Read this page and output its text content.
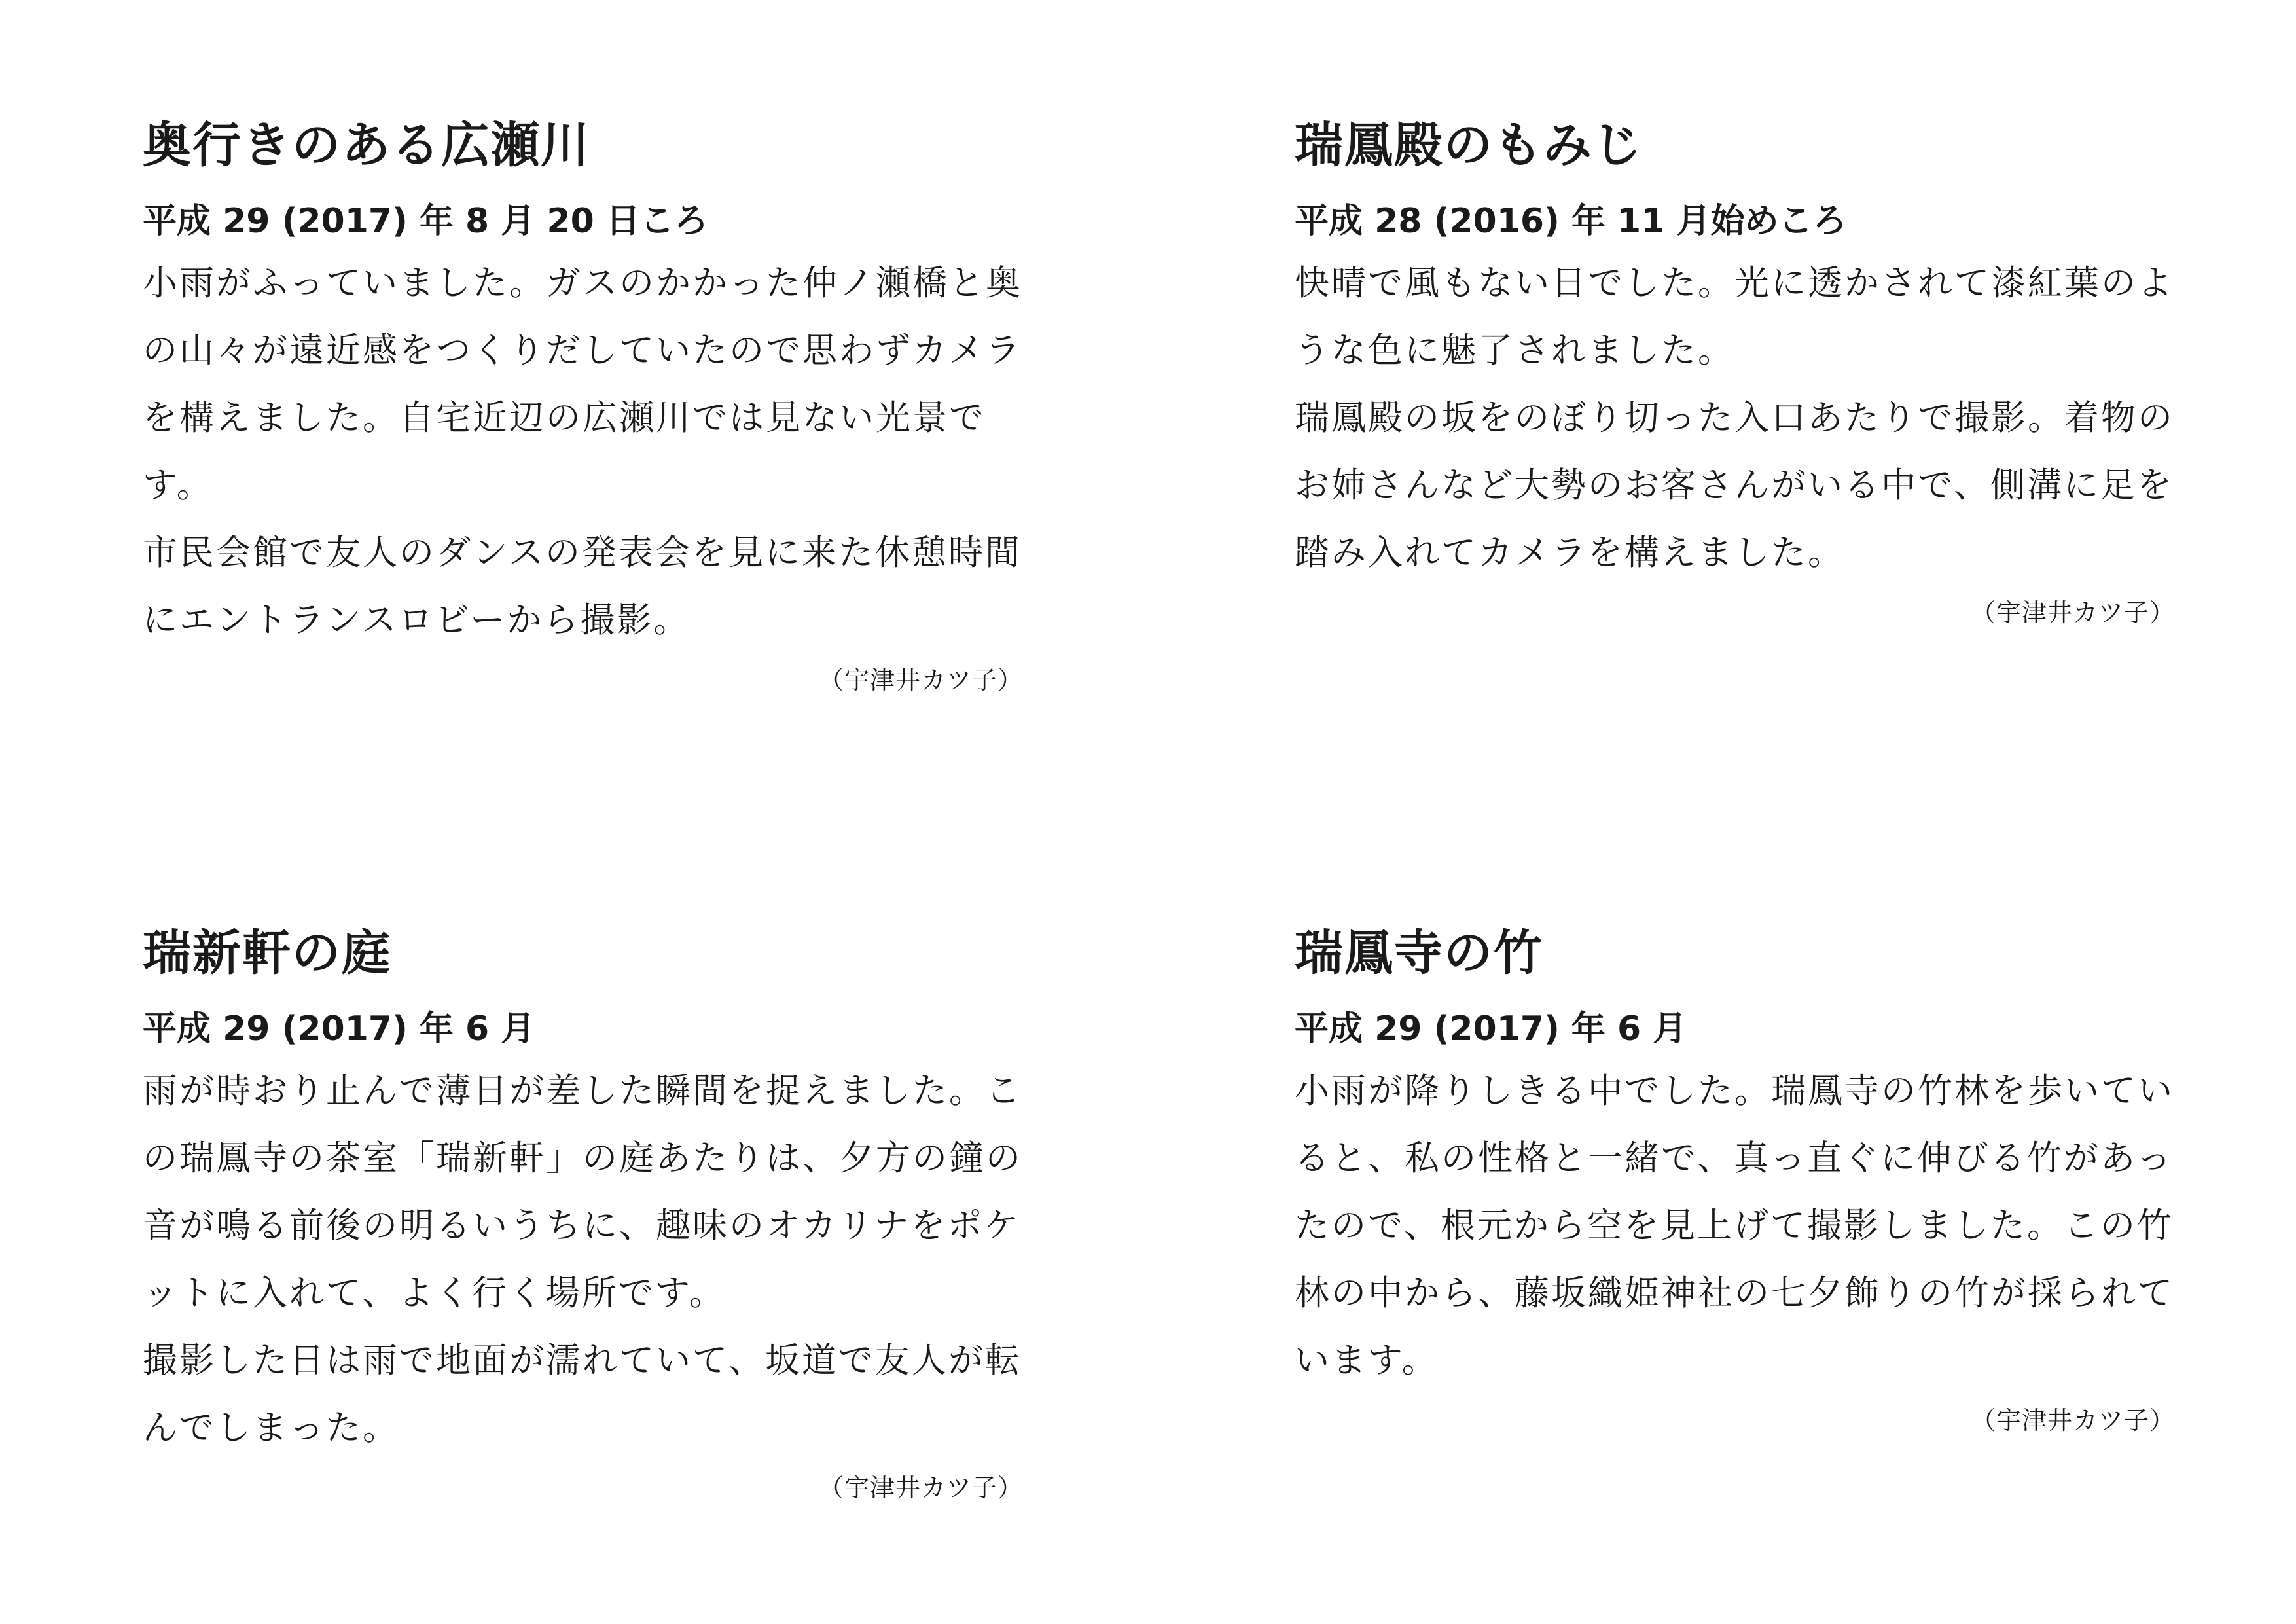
奥行きのある広瀬川
平成 29 (2017) 年 8 月 20 日ころ

小雨がふっていました。ガスのかかった仲ノ瀬橋と奥の山々が遠近感をつくりだしていたので思わずカメラを構えました。自宅近辺の広瀬川では見ない光景です。

市民会館で友人のダンスの発表会を見に来た休憩時間にエントランスロビーから撮影。

（宇津井カツ子）
瑞鳳殿のもみじ
平成 28 (2016) 年 11 月始めころ

快晴で風もない日でした。光に透かされて漆紅葉のような色に魅了されました。

瑞鳳殿の坂をのぼり切った入口あたりで撮影。着物のお姉さんなど大勢のお客さんがいる中で、側溝に足を踏み入れてカメラを構えました。

（宇津井カツ子）
瑞新軒の庭
平成 29 (2017) 年 6 月

雨が時おり止んで薄日が差した瞬間を捉えました。この瑞鳳寺の茶室「瑞新軒」の庭あたりは、夕方の鐘の音が鳴る前後の明るいうちに、趣味のオカリナをポケットに入れて、よく行く場所です。

撮影した日は雨で地面が濡れていて、坂道で友人が転んでしまった。

（宇津井カツ子）
瑞鳳寺の竹
平成 29 (2017) 年 6 月

小雨が降りしきる中でした。瑞鳳寺の竹林を歩いていると、私の性格と一緒で、真っ直ぐに伸びる竹があったので、根元から空を見上げて撮影しました。この竹林の中から、藤坂織姫神社の七夕飾りの竹が採られています。

（宇津井カツ子）
